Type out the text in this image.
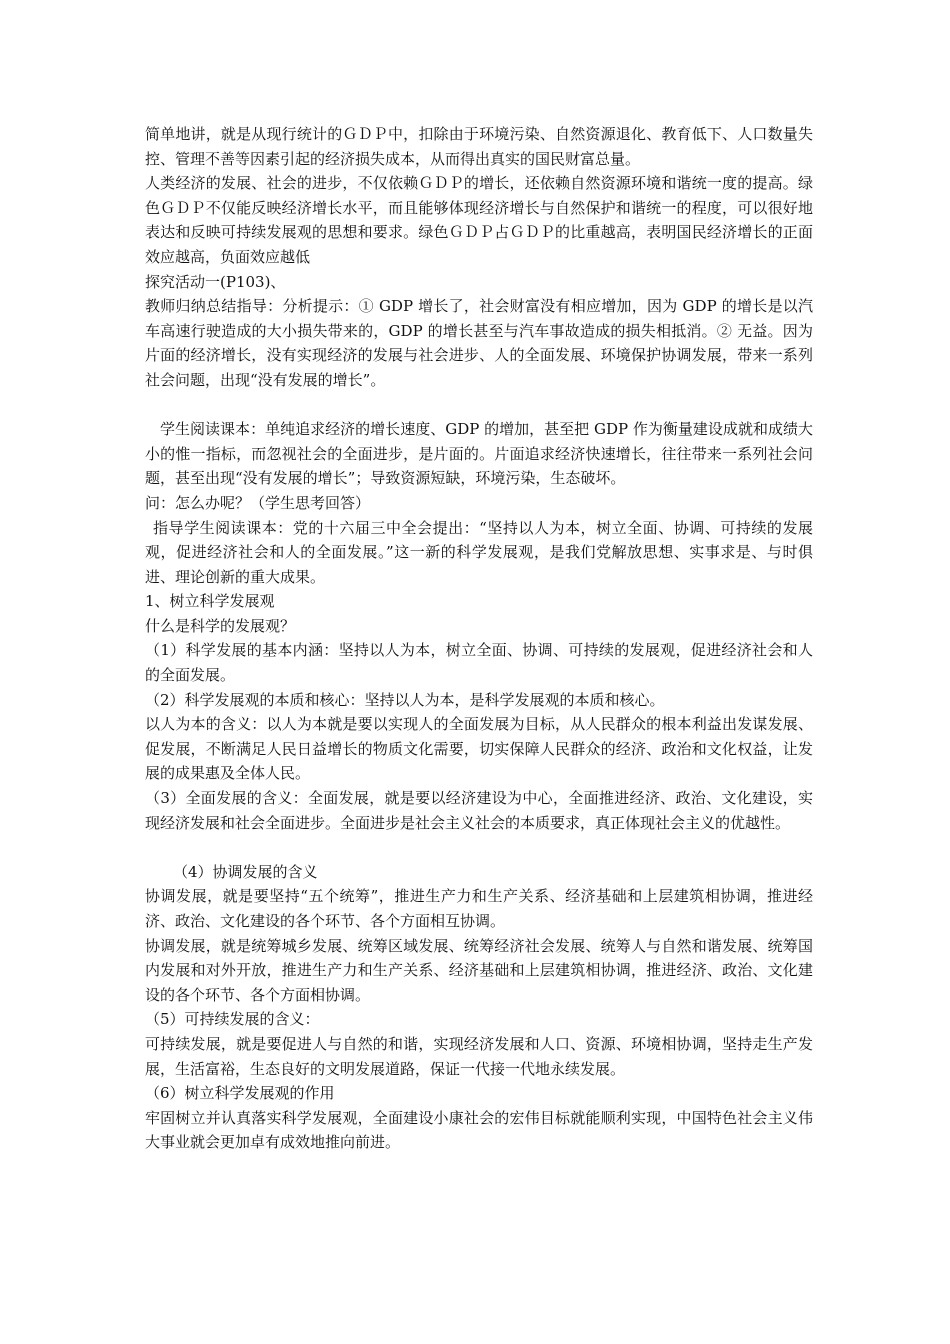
简单地讲，就是从现行统计的ＧＤＰ中，扣除由于环境污染、自然资源退化、教育低下、人口数量失控、管理不善等因素引起的经济损失成本，从而得出真实的国民财富总量。

人类经济的发展、社会的进步，不仅依赖ＧＤＰ的增长，还依赖自然资源环境和谐统一度的提高。绿色ＧＤＰ不仅能反映经济增长水平，而且能够体现经济增长与自然保护和谐统一的程度，可以很好地表达和反映可持续发展观的思想和要求。绿色ＧＤＰ占ＧＤＰ的比重越高，表明国民经济增长的正面效应越高，负面效应越低

探究活动一(P103)、

教师归纳总结指导：分析提示：① GDP 增长了，社会财富没有相应增加，因为 GDP 的增长是以汽车高速行驶造成的大小损失带来的，GDP 的增长甚至与汽车事故造成的损失相抵消。② 无益。因为片面的经济增长，没有实现经济的发展与社会进步、人的全面发展、环境保护协调发展，带来一系列社会问题，出现“没有发展的增长”。

学生阅读课本：单纯追求经济的增长速度、GDP 的增加，甚至把 GDP 作为衡量建设成就和成绩大小的惟一指标，而忽视社会的全面进步，是片面的。片面追求经济快速增长，往往带来一系列社会问题，甚至出现“没有发展的增长”；导致资源短缺，环境污染，生态破坏。

问：怎么办呢？（学生思考回答）

指导学生阅读课本：党的十六届三中全会提出：“坚持以人为本，树立全面、协调、可持续的发展观，促进经济社会和人的全面发展。”这一新的科学发展观，是我们党解放思想、实事求是、与时俱进、理论创新的重大成果。

1、树立科学发展观

什么是科学的发展观？

（1）科学发展的基本内涵：坚持以人为本，树立全面、协调、可持续的发展观，促进经济社会和人的全面发展。

（2）科学发展观的本质和核心：坚持以人为本，是科学发展观的本质和核心。

以人为本的含义：以人为本就是要以实现人的全面发展为目标，从人民群众的根本利益出发谋发展、促发展，不断满足人民日益增长的物质文化需要，切实保障人民群众的经济、政治和文化权益，让发展的成果惠及全体人民。

（3）全面发展的含义：全面发展，就是要以经济建设为中心，全面推进经济、政治、文化建设，实现经济发展和社会全面进步。全面进步是社会主义社会的本质要求，真正体现社会主义的优越性。

（4）协调发展的含义

协调发展，就是要坚持“五个统筹”，推进生产力和生产关系、经济基础和上层建筑相协调，推进经济、政治、文化建设的各个环节、各个方面相互协调。

协调发展，就是统筹城乡发展、统筹区域发展、统筹经济社会发展、统筹人与自然和谐发展、统筹国内发展和对外开放，推进生产力和生产关系、经济基础和上层建筑相协调，推进经济、政治、文化建设的各个环节、各个方面相协调。

（5）可持续发展的含义：

可持续发展，就是要促进人与自然的和谐，实现经济发展和人口、资源、环境相协调，坚持走生产发展，生活富裕，生态良好的文明发展道路，保证一代接一代地永续发展。

（6）树立科学发展观的作用

牢固树立并认真落实科学发展观，全面建设小康社会的宏伟目标就能顺利实现，中国特色社会主义伟大事业就会更加卓有成效地推向前进。
